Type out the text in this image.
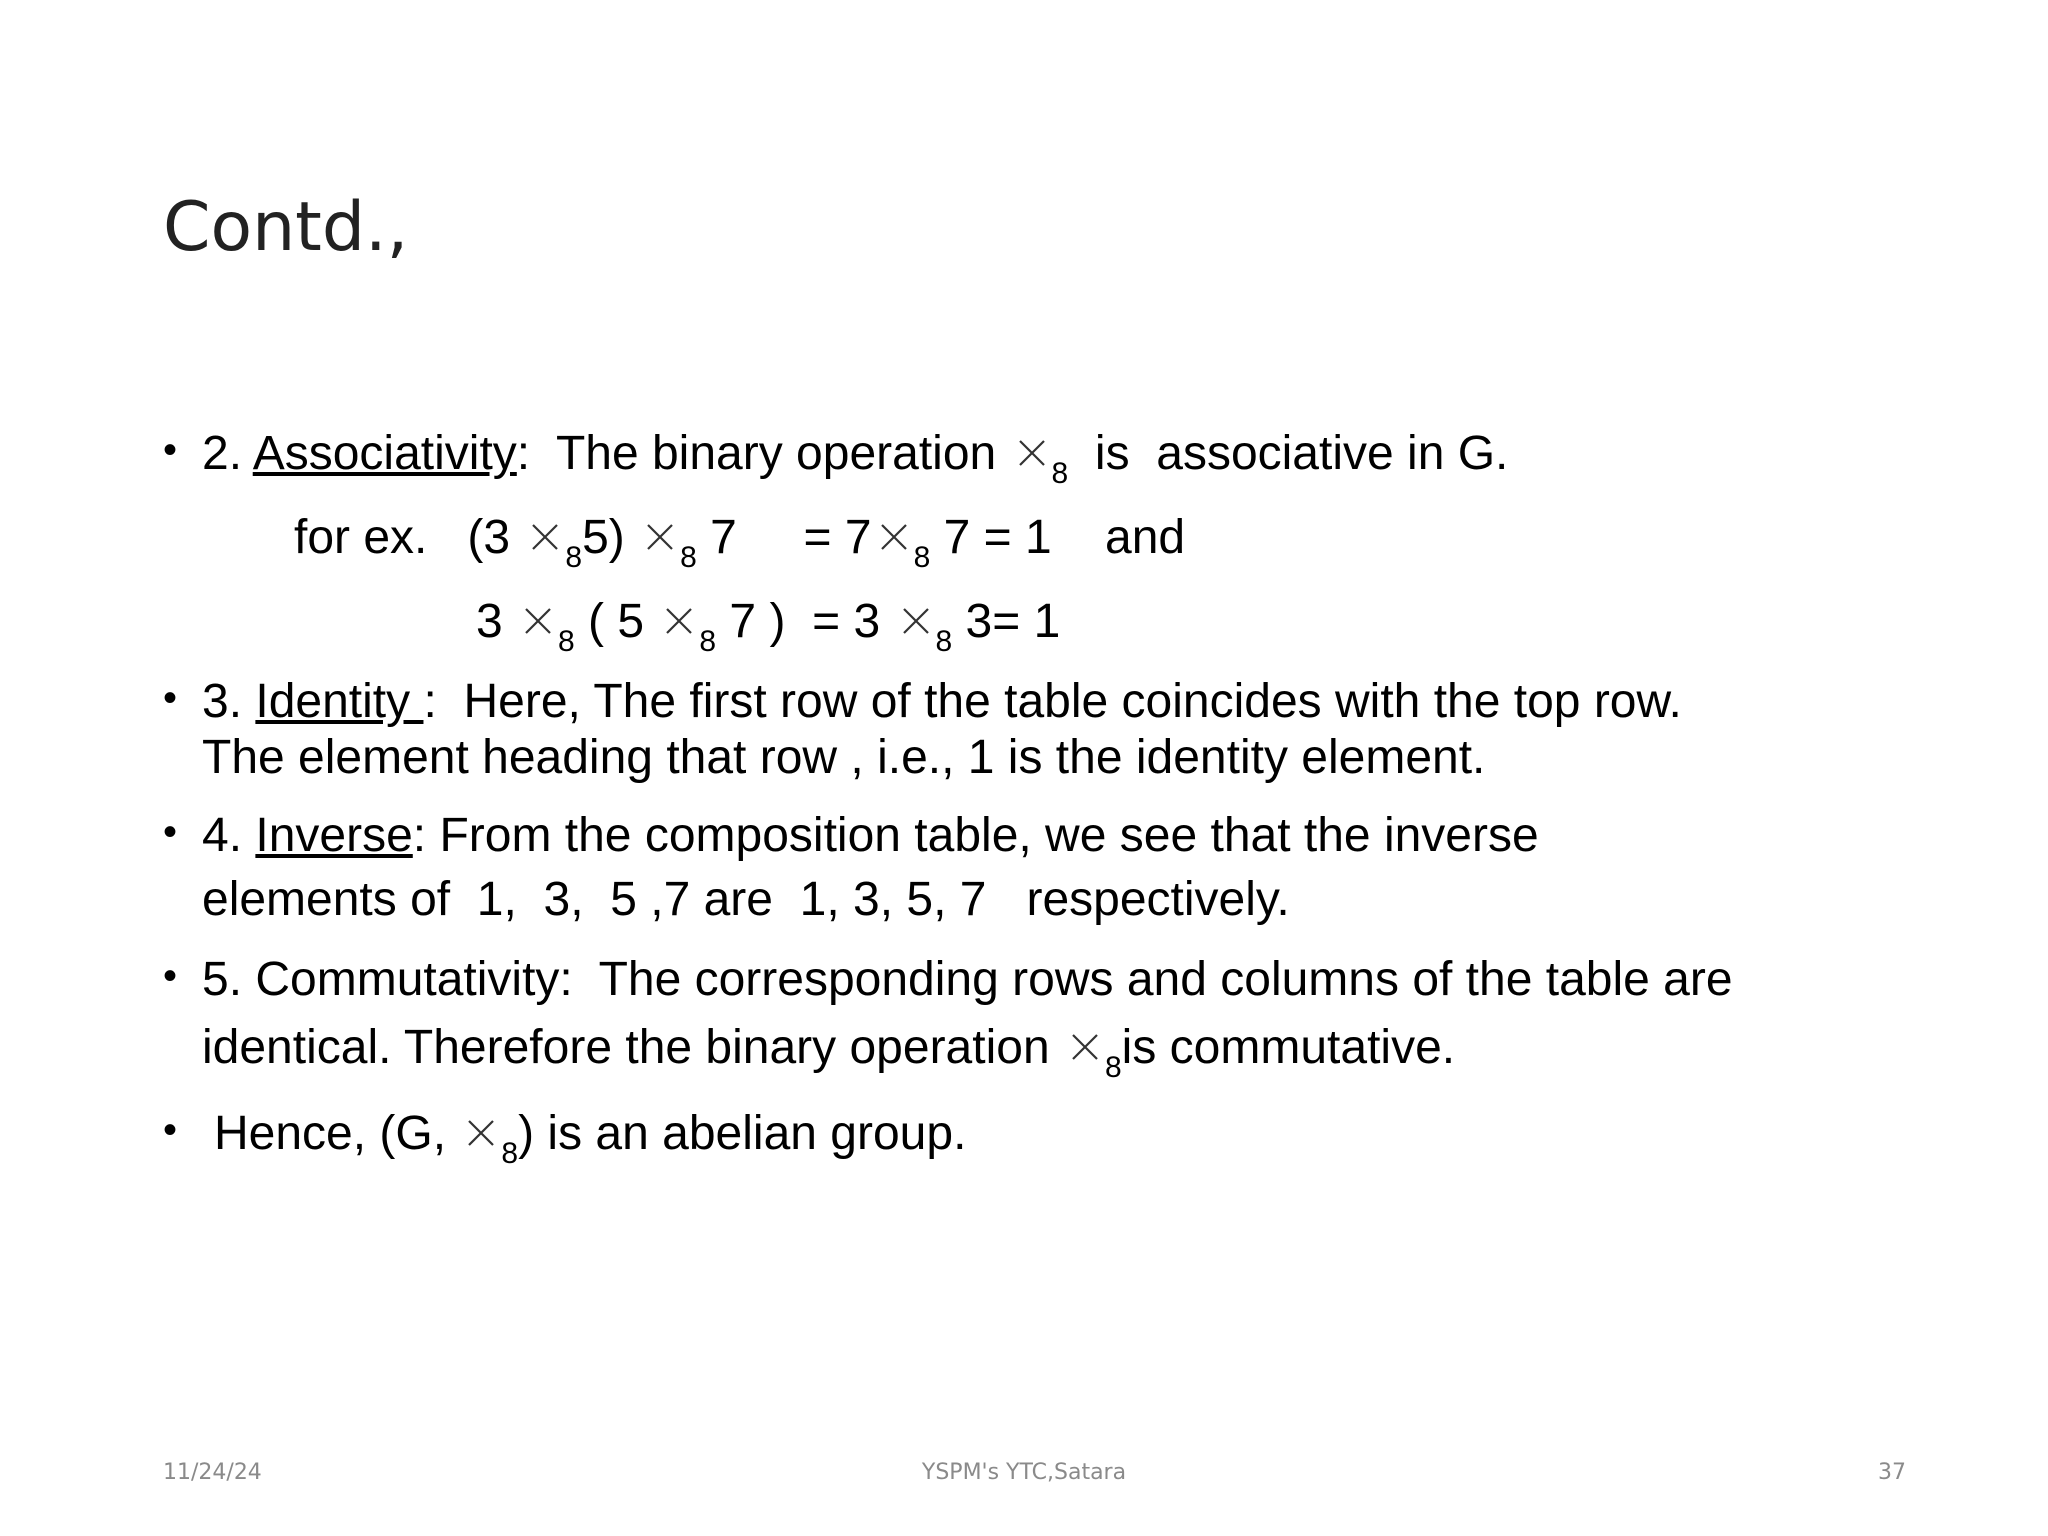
Contd.,
• 2. Associativity:  The binary operation
$_8$  is  associative in G.
for ex.   (3
$_8$5)
$_8$ 7     = 7 $_8$ 7 = 1    and
3
$_8$ ( 5
$_8$ 7 )  = 3
$_8$ 3= 1
• 3. Identity :  Here, The first row of the table coincides with the top row.
The element heading that row , i.e., 1 is the identity element.
• 4. Inverse: From the composition table, we see that the inverse
elements of  1,  3,  5 ,7 are  1, 3, 5, 7   respectively.
• 5. Commutativity:  The corresponding rows and columns of the table are
identical. Therefore the binary operation
$_8$is commutative.
• Hence, (G,
$_8$) is an abelian group.
11/24/24	YSPM's YTC,Satara	37
